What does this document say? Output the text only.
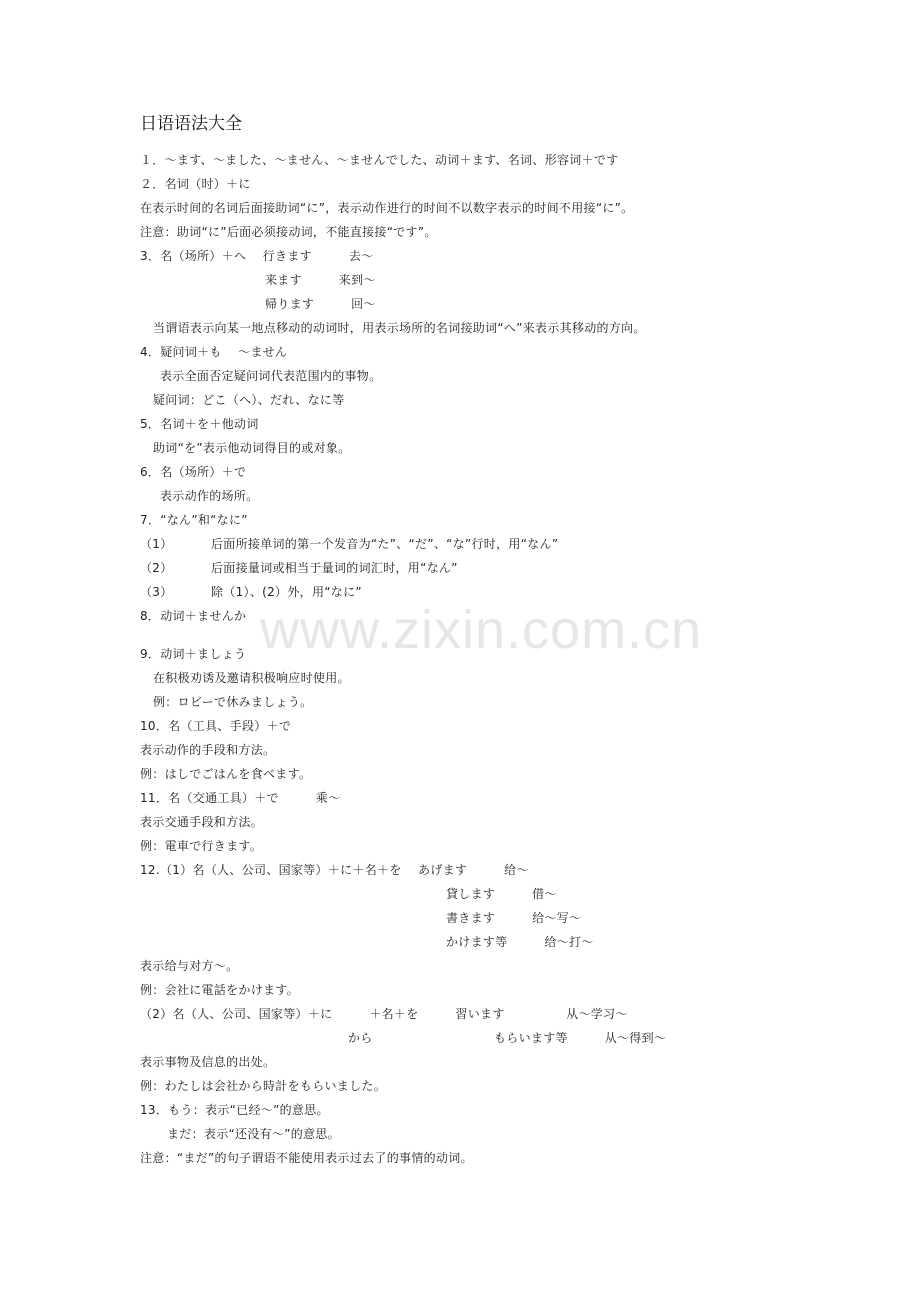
www.zixin.com.cn
日语语法大全
１．～ます、～ました、～ません、～ませんでした、动词＋ます、名词、形容词＋です
２．名词（时）＋に
在表示时间的名词后面接助词“に”，表示动作进行的时间不以数字表示的时间不用接“に”。
注意：助词“に”后面必须接动词，不能直接接“です”。
3．名（场所）＋へ　 行きます　　　去～
来ます　　　来到～
帰ります　　　回～
当谓语表示向某一地点移动的动词时，用表示场所的名词接助词“へ”来表示其移动的方向。
4．疑问词＋も　 ～ません
表示全面否定疑问词代表范围内的事物。
疑问词：どこ（へ）、だれ、なに等
5．名词＋を＋他动词
助词“を”表示他动词得目的或对象。
6．名（场所）＋で
表示动作的场所。
7．“なん”和“なに”
（1）	后面所接单词的第一个发音为“た”、“だ”、“な”行时，用“なん”
（2）	后面接量词或相当于量词的词汇时，用“なん”
（3）	除（1）、(2）外，用“なに”
8．动词＋ませんか
9．动词＋ましょう
在积极劝诱及邀请积极响应时使用。
例：ロビーで休みましょう。
10．名（工具、手段）＋で
表示动作的手段和方法。
例：はしでごはんを食べます。
11．名（交通工具）＋で　　　乘～
表示交通手段和方法。
例：電車で行きます。
12.（1）名（人、公司、国家等）＋に＋名＋を　 あげます　　　给～
貸します　　　借～
書きます　　　给～写～
かけます等　　　给～打～
表示给与对方～。
例：会社に電話をかけます。
（2）名（人、公司、国家等）＋に　　　＋名＋を　　　習います　　　　　从～学习～
から	もらいます等　　　从～得到～
表示事物及信息的出处。
例：わたしは会社から時計をもらいました。
13．もう：表示“已经～”的意思。
まだ：表示“还没有～”的意思。
注意：“まだ”的句子谓语不能使用表示过去了的事情的动词。
